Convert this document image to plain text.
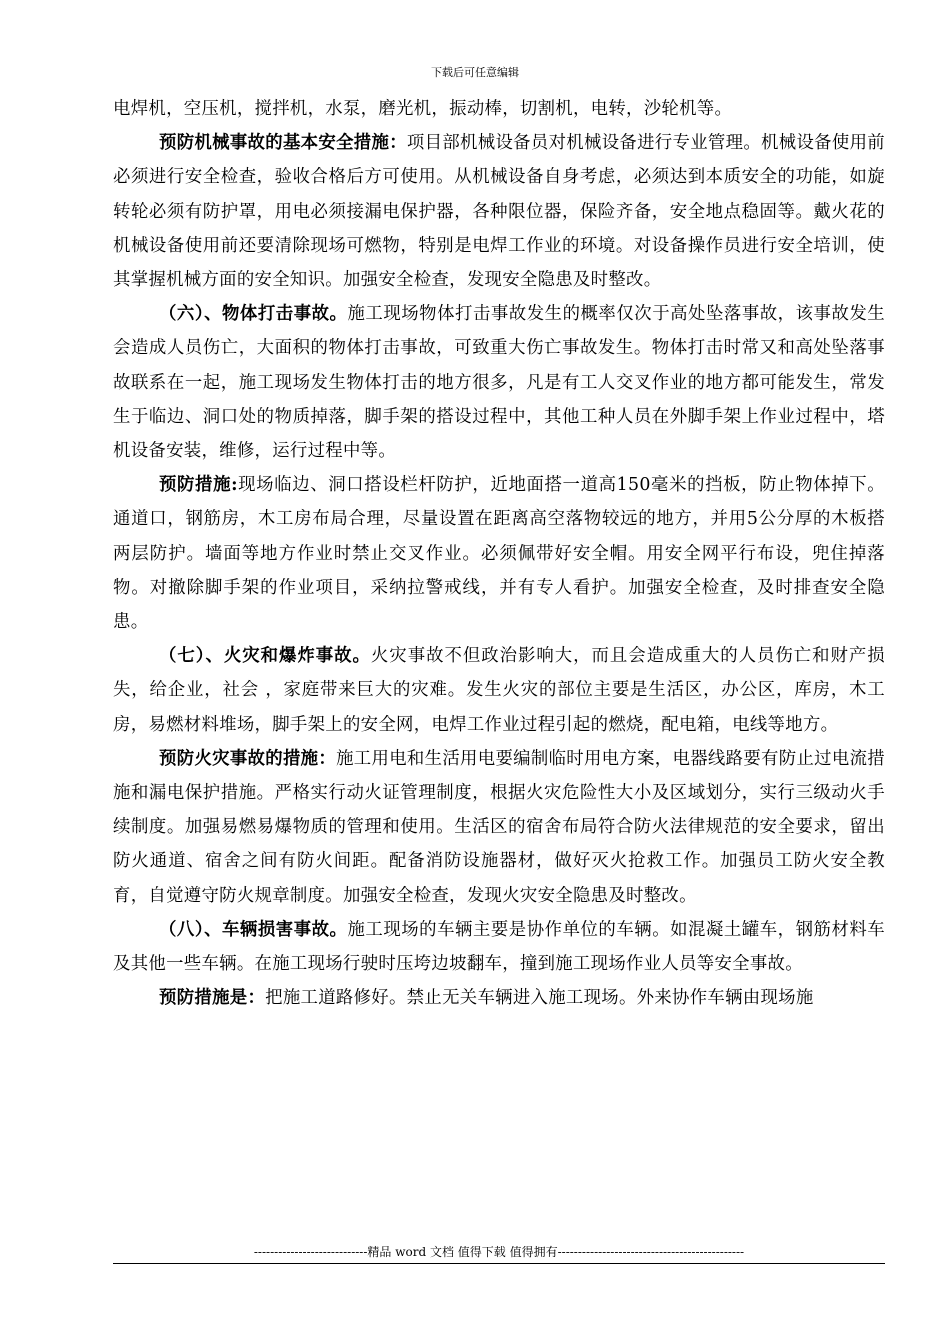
下载后可任意编辑

电焊机，空压机，搅拌机，水泵，磨光机，振动棒，切割机，电转，沙轮机等。

预防机械事故的基本安全措施：项目部机械设备员对机械设备进行专业管理。机械设备使用前必须进行安全检查，验收合格后方可使用。从机械设备自身考虑，必须达到本质安全的功能，如旋转轮必须有防护罩，用电必须接漏电保护器，各种限位器，保险齐备，安全地点稳固等。戴火花的机械设备使用前还要清除现场可燃物，特别是电焊工作业的环境。对设备操作员进行安全培训，使其掌握机械方面的安全知识。加强安全检查，发现安全隐患及时整改。

（六）、物体打击事故。施工现场物体打击事故发生的概率仅次于高处坠落事故，该事故发生会造成人员伤亡，大面积的物体打击事故，可致重大伤亡事故发生。物体打击时常又和高处坠落事故联系在一起，施工现场发生物体打击的地方很多，凡是有工人交叉作业的地方都可能发生，常发生于临边、洞口处的物质掉落，脚手架的搭设过程中，其他工种人员在外脚手架上作业过程中，塔机设备安装，维修，运行过程中等。

预防措施:现场临边、洞口搭设栏杆防护，近地面搭一道高150毫米的挡板，防止物体掉下。通道口，钢筋房，木工房布局合理，尽量设置在距离高空落物较远的地方，并用5公分厚的木板搭两层防护。墙面等地方作业时禁止交叉作业。必须佩带好安全帽。用安全网平行布设，兜住掉落物。对撤除脚手架的作业项目，采纳拉警戒线，并有专人看护。加强安全检查，及时排查安全隐患。

（七）、火灾和爆炸事故。火灾事故不但政治影响大，而且会造成重大的人员伤亡和财产损失，给企业，社会 ，家庭带来巨大的灾难。发生火灾的部位主要是生活区，办公区，库房，木工房，易燃材料堆场，脚手架上的安全网，电焊工作业过程引起的燃烧，配电箱，电线等地方。

预防火灾事故的措施：施工用电和生活用电要编制临时用电方案，电器线路要有防止过电流措施和漏电保护措施。严格实行动火证管理制度，根据火灾危险性大小及区域划分，实行三级动火手续制度。加强易燃易爆物质的管理和使用。生活区的宿舍布局符合防火法律规范的安全要求，留出防火通道、宿舍之间有防火间距。配备消防设施器材，做好灭火抢救工作。加强员工防火安全教育，自觉遵守防火规章制度。加强安全检查，发现火灾安全隐患及时整改。

（八）、车辆损害事故。施工现场的车辆主要是协作单位的车辆。如混凝土罐车，钢筋材料车及其他一些车辆。在施工现场行驶时压垮边坡翻车，撞到施工现场作业人员等安全事故。

预防措施是：把施工道路修好。禁止无关车辆进入施工现场。外来协作车辆由现场施

----------------------------精品 word 文档 值得下载 值得拥有----------------------------------------------
